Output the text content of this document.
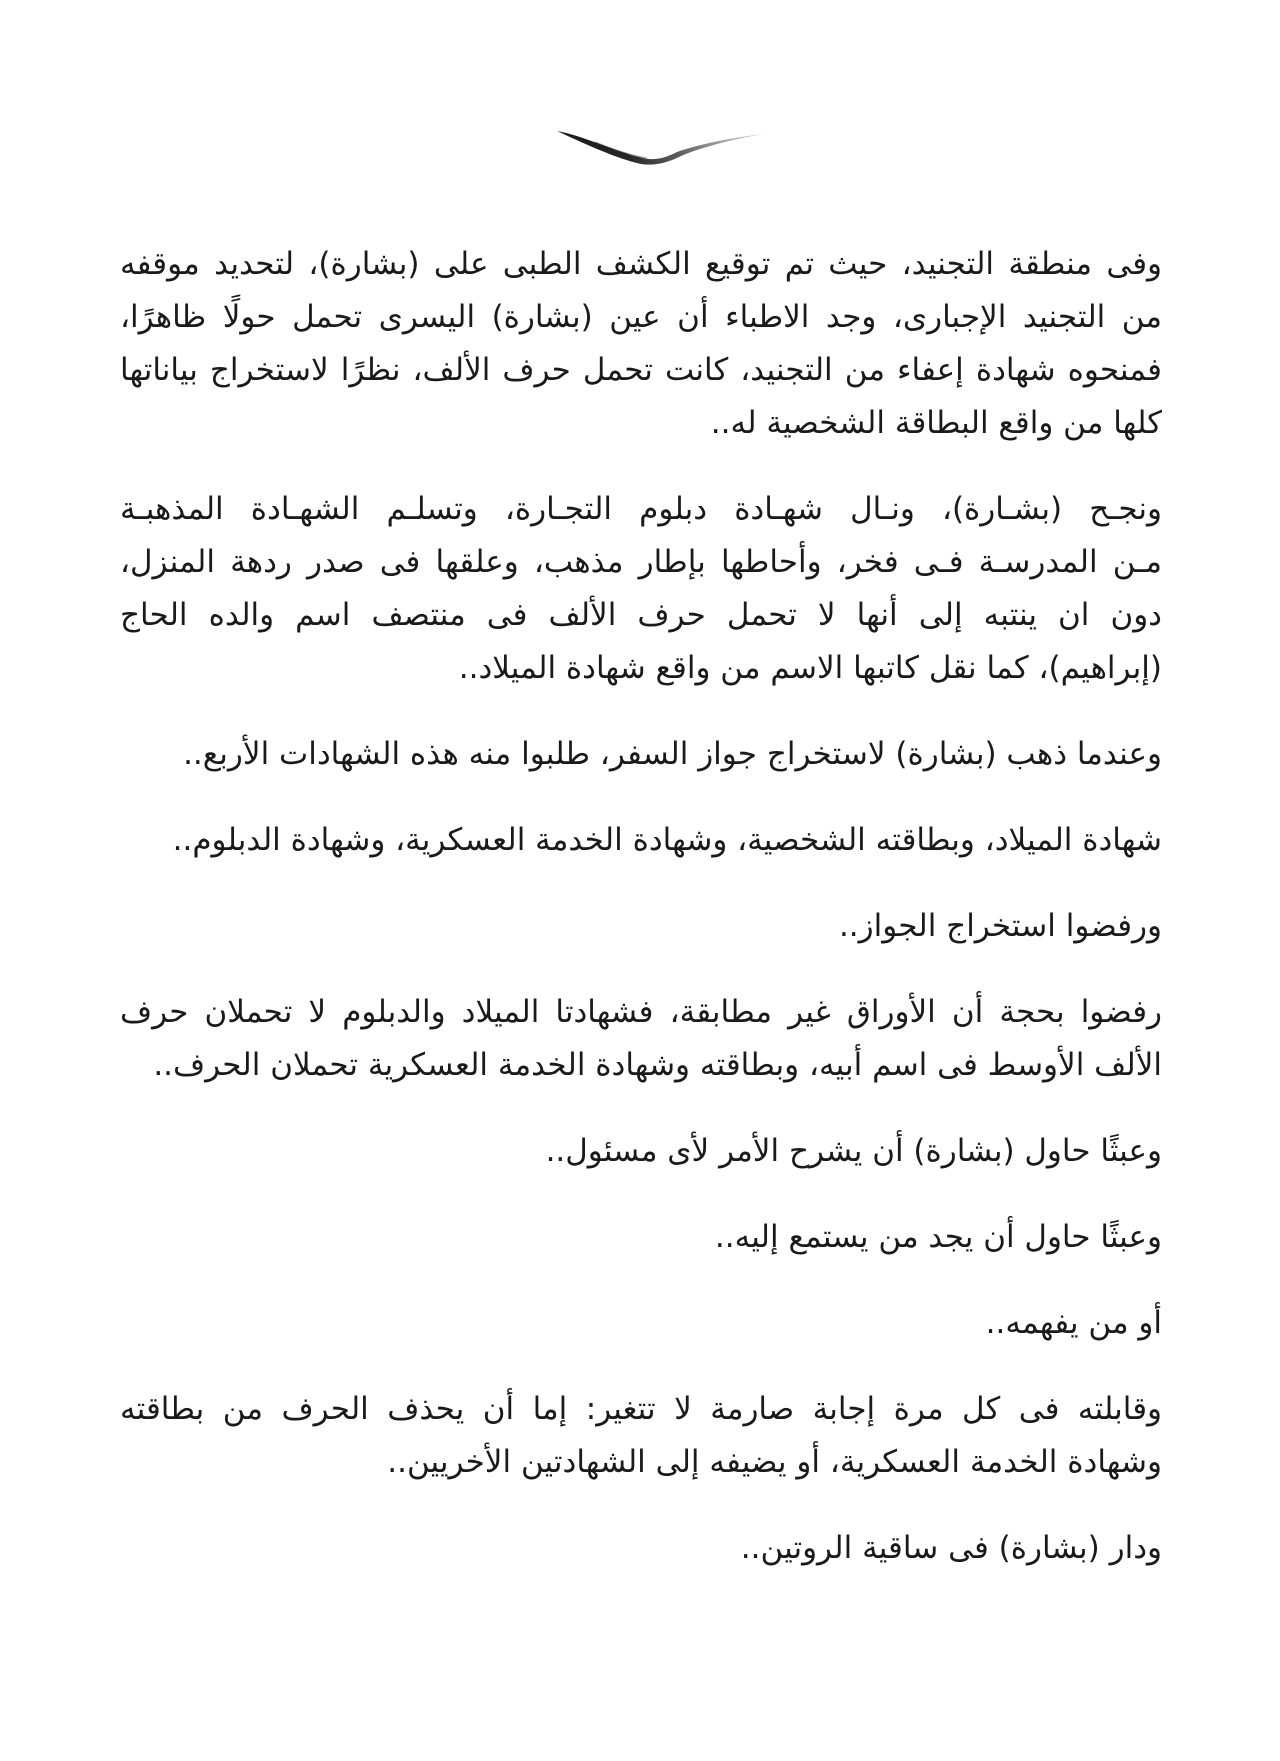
وفى منطقة التجنيد، حيث تم توقيع الكشف الطبى على (بشارة)، لتحديد موقفه
من التجنيد الإجبارى، وجد الاطباء أن عين (بشارة) اليسرى تحمل حولًا ظاهرًا،
فمنحوه شهادة إعفاء من التجنيد، كانت تحمل حرف الألف، نظرًا لاستخراج بياناتها
كلها من واقع البطاقة الشخصية له..

ونجـح (بشـارة)، ونـال شهـادة دبلوم التجـارة، وتسلـم الشهـادة المذهبـة
مـن المدرسـة فـى فخر، وأحاطها بإطار مذهب، وعلقها فى صدر ردهة المنزل،
دون ان ينتبه إلى أنها لا تحمل حرف الألف فى منتصف اسم والده الحاج
(إبراهيم)، كما نقل كاتبها الاسم من واقع شهادة الميلاد..

وعندما ذهب (بشارة) لاستخراج جواز السفر، طلبوا منه هذه الشهادات الأربع..

شهادة الميلاد، وبطاقته الشخصية، وشهادة الخدمة العسكرية، وشهادة الدبلوم..

ورفضوا استخراج الجواز..

رفضوا بحجة أن الأوراق غير مطابقة، فشهادتا الميلاد والدبلوم لا تحملان حرف
الألف الأوسط فى اسم أبيه، وبطاقته وشهادة الخدمة العسكرية تحملان الحرف..

وعبثًا حاول (بشارة) أن يشرح الأمر لأى مسئول..

وعبثًا حاول أن يجد من يستمع إليه..

أو من يفهمه..

وقابلته فى كل مرة إجابة صارمة لا تتغير: إما أن يحذف الحرف من بطاقته
وشهادة الخدمة العسكرية، أو يضيفه إلى الشهادتين الأخريين..

ودار (بشارة) فى ساقية الروتين..
